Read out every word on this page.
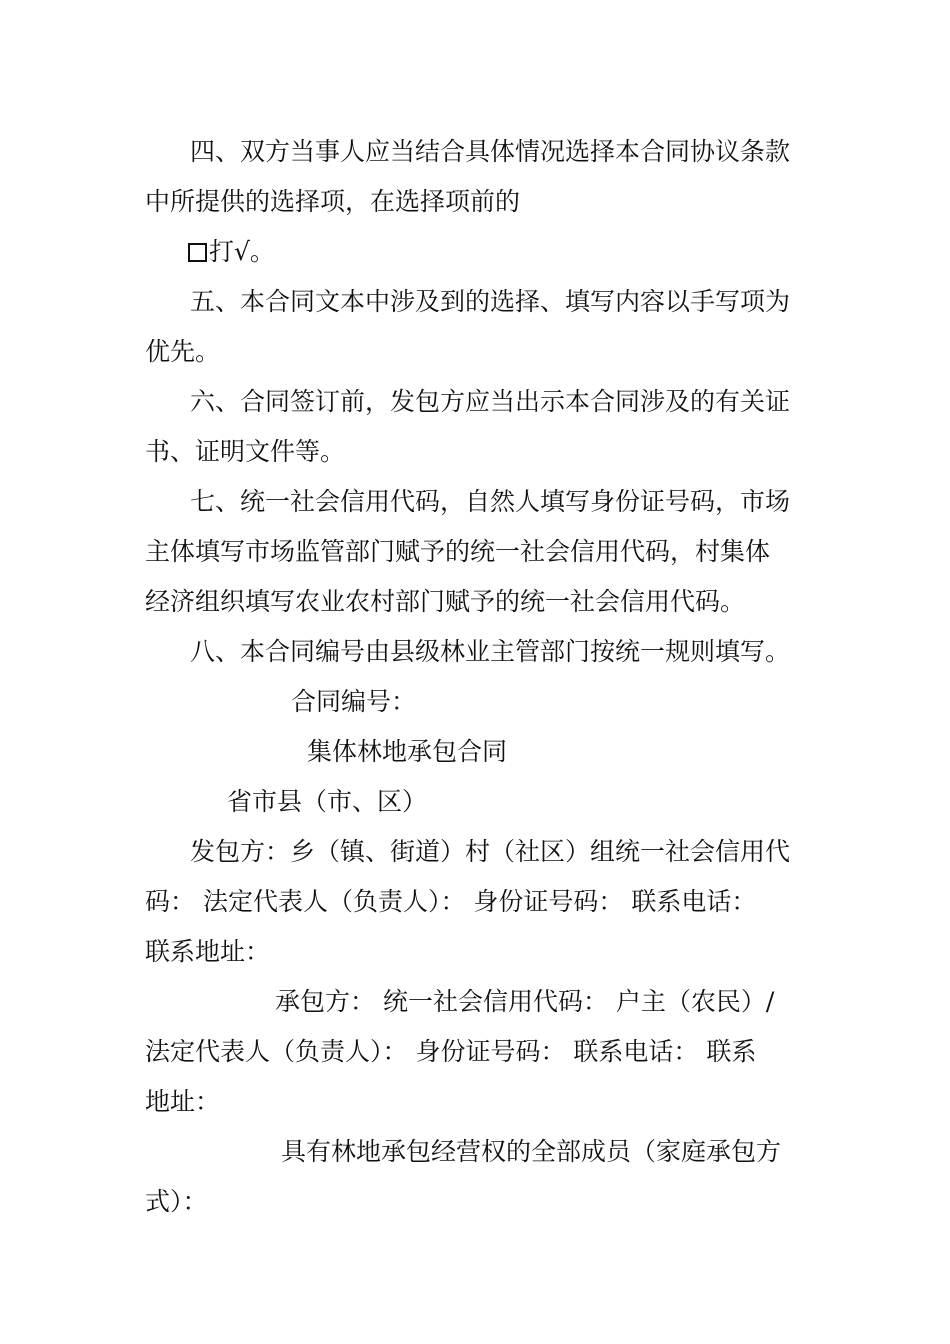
四、双方当事人应当结合具体情况选择本合同协议条款
中所提供的选择项，在选择项前的
打√。
五、本合同文本中涉及到的选择、填写内容以手写项为
优先。
六、合同签订前，发包方应当出示本合同涉及的有关证
书、证明文件等。
七、统一社会信用代码，自然人填写身份证号码，市场
主体填写市场监管部门赋予的统一社会信用代码，村集体
经济组织填写农业农村部门赋予的统一社会信用代码。
八、本合同编号由县级林业主管部门按统一规则填写。
合同编号：
集体林地承包合同
省市县（市、区）
发包方：乡（镇、街道）村（社区）组统一社会信用代
码： 法定代表人（负责人）： 身份证号码： 联系电话：
联系地址：
承包方： 统一社会信用代码： 户主（农民）/
法定代表人（负责人）： 身份证号码： 联系电话： 联系
地址：
具有林地承包经营权的全部成员（家庭承包方
式）：
